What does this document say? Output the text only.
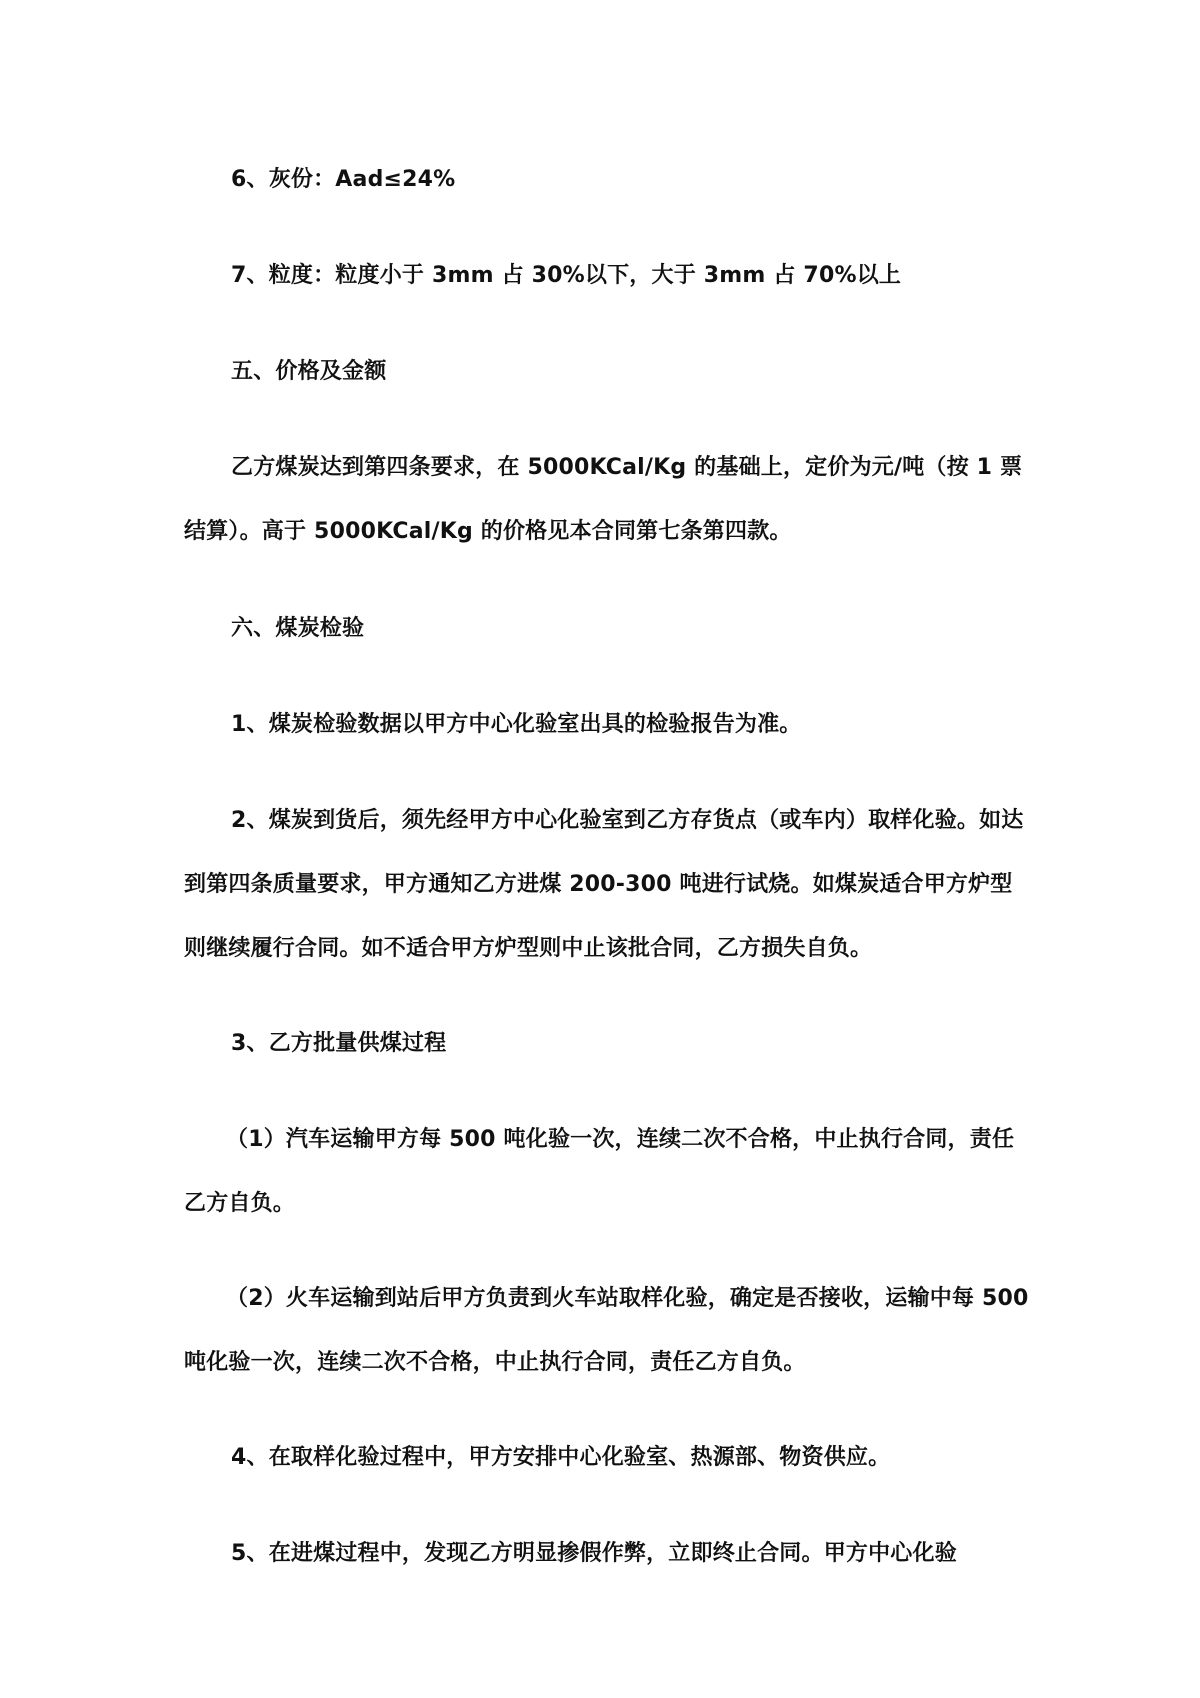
6、灰份：Aad≤24%

7、粒度：粒度小于 3mm 占 30%以下，大于 3mm 占 70%以上

五、价格及金额

乙方煤炭达到第四条要求，在 5000KCal/Kg 的基础上，定价为元/吨（按 1 票结算）。高于 5000KCal/Kg 的价格见本合同第七条第四款。

六、煤炭检验

1、煤炭检验数据以甲方中心化验室出具的检验报告为准。

2、煤炭到货后，须先经甲方中心化验室到乙方存货点（或车内）取样化验。如达到第四条质量要求，甲方通知乙方进煤 200-300 吨进行试烧。如煤炭适合甲方炉型则继续履行合同。如不适合甲方炉型则中止该批合同，乙方损失自负。

3、乙方批量供煤过程

（1）汽车运输甲方每 500 吨化验一次，连续二次不合格，中止执行合同，责任乙方自负。

（2）火车运输到站后甲方负责到火车站取样化验，确定是否接收，运输中每 500 吨化验一次，连续二次不合格，中止执行合同，责任乙方自负。

4、在取样化验过程中，甲方安排中心化验室、热源部、物资供应。

5、在进煤过程中，发现乙方明显掺假作弊，立即终止合同。甲方中心化验
